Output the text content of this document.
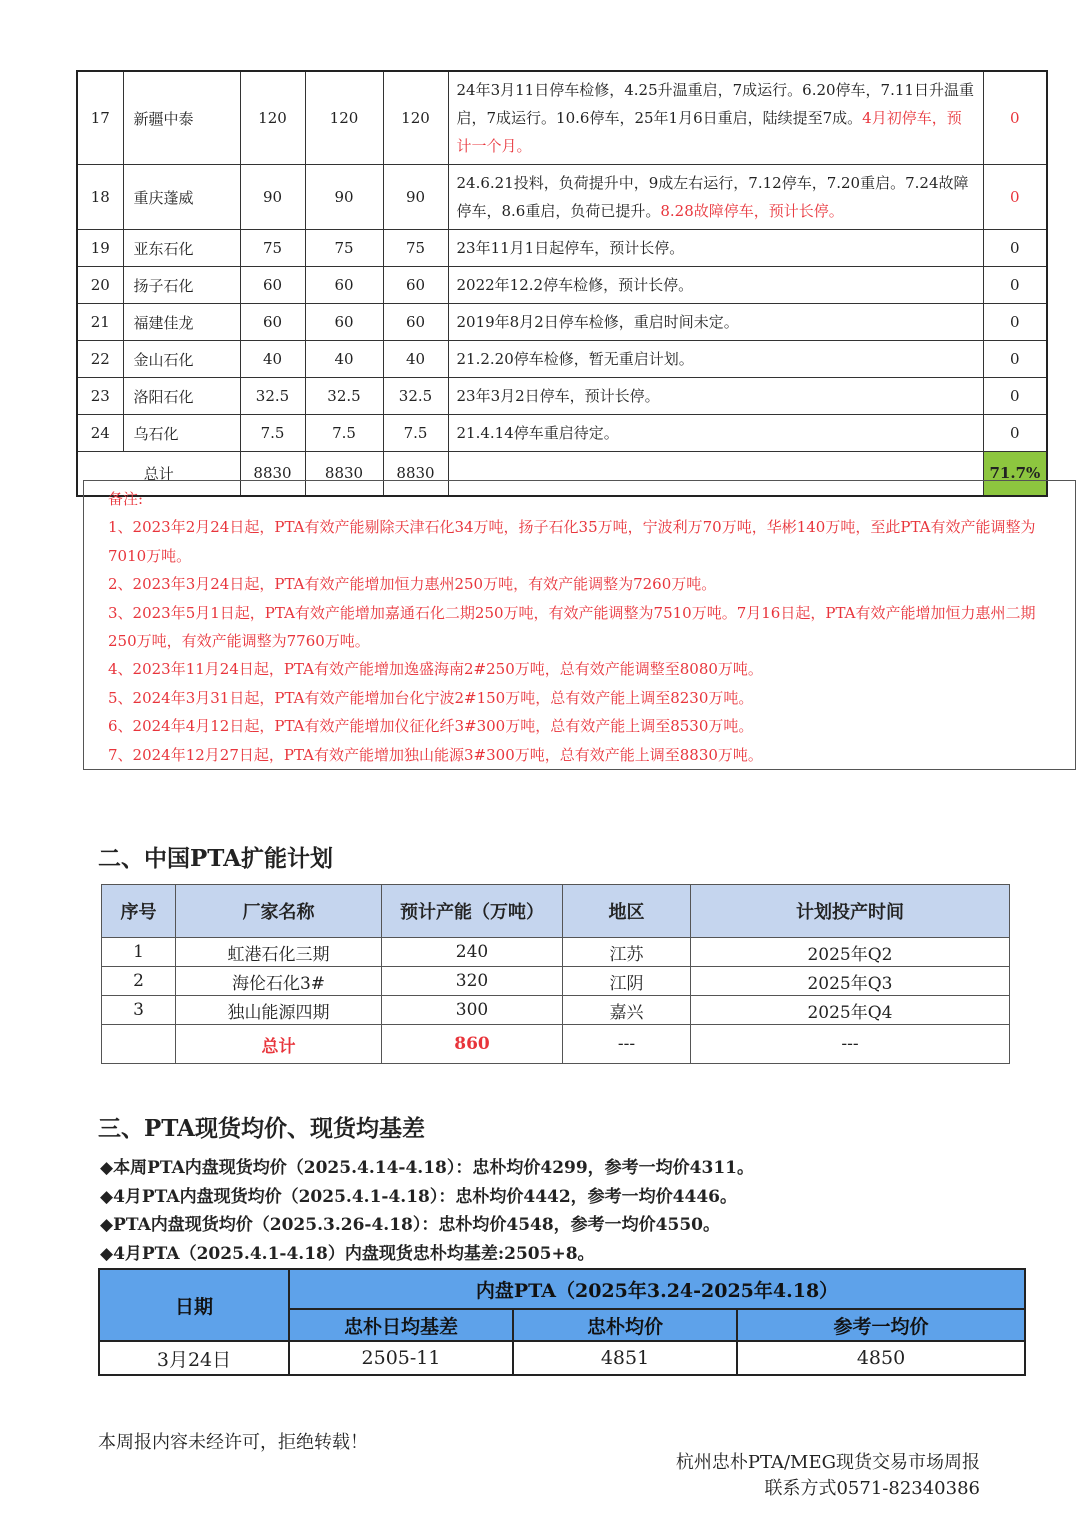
17	新疆中泰	120	120	120	24年3月11日停车检修，4.25升温重启，7成运行。6.20停车，7.11日升温重启，7成运行。10.6停车，25年1月6日重启，陆续提至7成。4月初停车，预计一个月。	0
18	重庆蓬威	90	90	90	24.6.21投料，负荷提升中，9成左右运行，7.12停车，7.20重启。7.24故障停车，8.6重启，负荷已提升。8.28故障停车，预计长停。	0
19	亚东石化	75	75	75	23年11月1日起停车，预计长停。	0
20	扬子石化	60	60	60	2022年12.2停车检修，预计长停。	0
21	福建佳龙	60	60	60	2019年8月2日停车检修，重启时间未定。	0
22	金山石化	40	40	40	21.2.20停车检修，暂无重启计划。	0
23	洛阳石化	32.5	32.5	32.5	23年3月2日停车，预计长停。	0
24	乌石化	7.5	7.5	7.5	21.4.14停车重启待定。	0
总计		8830	8830	8830		71.7%

备注:

1、2023年2月24日起，PTA有效产能剔除天津石化34万吨，扬子石化35万吨，宁波利万70万吨，华彬140万吨，至此PTA有效产能调整为7010万吨。

2、2023年3月24日起，PTA有效产能增加恒力惠州250万吨，有效产能调整为7260万吨。

3、2023年5月1日起，PTA有效产能增加嘉通石化二期250万吨，有效产能调整为7510万吨。7月16日起，PTA有效产能增加恒力惠州二期250万吨，有效产能调整为7760万吨。

4、2023年11月24日起，PTA有效产能增加逸盛海南2#250万吨，总有效产能调整至8080万吨。

5、2024年3月31日起，PTA有效产能增加台化宁波2#150万吨，总有效产能上调至8230万吨。

6、2024年4月12日起，PTA有效产能增加仪征化纤3#300万吨，总有效产能上调至8530万吨。

7、2024年12月27日起，PTA有效产能增加独山能源3#300万吨，总有效产能上调至8830万吨。

二、中国PTA扩能计划
序号	厂家名称	预计产能（万吨）	地区	计划投产时间
1	虹港石化三期	240	江苏	2025年Q2
2	海伦石化3#	320	江阴	2025年Q3
3	独山能源四期	300	嘉兴	2025年Q4
	总计	860	---	---
三、PTA现货均价、现货均基差
◆本周PTA内盘现货均价（2025.4.14-4.18）：忠朴均价4299，参考一均价4311。
◆4月PTA内盘现货均价（2025.4.1-4.18）：忠朴均价4442，参考一均价4446。
◆PTA内盘现货均价（2025.3.26-4.18）：忠朴均价4548，参考一均价4550。
◆4月PTA（2025.4.1-4.18）内盘现货忠朴均基差:2505+8。
日期	内盘PTA（2025年3.24-2025年4.18）		
	忠朴日均基差	忠朴均价	参考一均价
3月24日	2505-11	4851	4850
本周报内容未经许可，拒绝转载！
杭州忠朴PTA/MEG现货交易市场周报
联系方式0571-82340386
